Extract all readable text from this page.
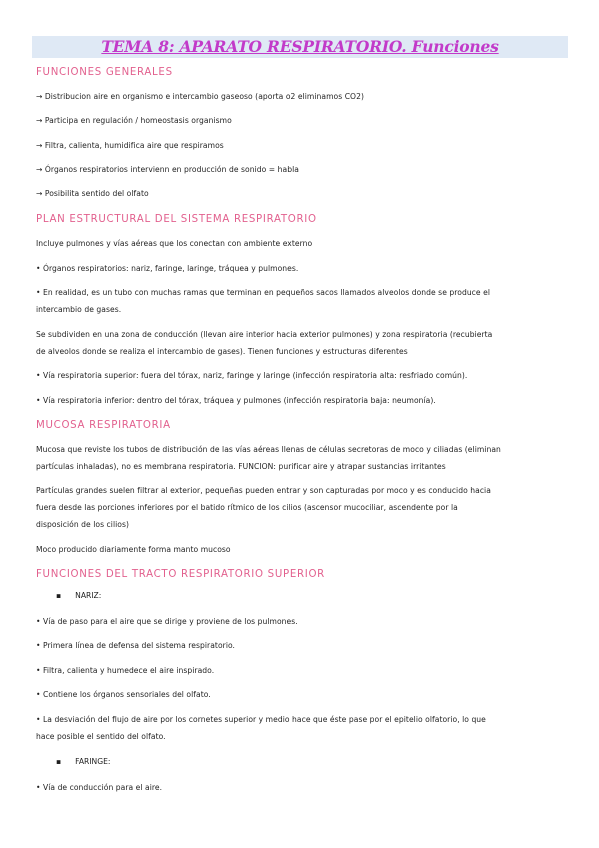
TEMA 8: APARATO RESPIRATORIO. Funciones
FUNCIONES GENERALES
→ Distribucion aire en organismo e intercambio gaseoso (aporta o2 eliminamos CO2)
→ Participa en regulación / homeostasis organismo
→ Filtra, calienta, humidifica aire que respiramos
→ Órganos respiratorios intervienn en producción de sonido = habla
→ Posibilita sentido del olfato
PLAN ESTRUCTURAL DEL SISTEMA RESPIRATORIO
Incluye pulmones y vías aéreas que los conectan con ambiente externo
• Órganos respiratorios: nariz, faringe, laringe, tráquea y pulmones.
• En realidad, es un tubo con muchas ramas que terminan en pequeños sacos llamados alveolos donde se produce el
intercambio de gases.
Se subdividen en una zona de conducción (llevan aire interior hacia exterior pulmones) y zona respiratoria (recubierta
de alveolos donde se realiza el intercambio de gases). Tienen funciones y estructuras diferentes
• Vía respiratoria superior: fuera del tórax, nariz, faringe y laringe (infección respiratoria alta: resfriado común).
• Vía respiratoria inferior: dentro del tórax, tráquea y pulmones (infección respiratoria baja: neumonía).
MUCOSA RESPIRATORIA
Mucosa que reviste los tubos de distribución de las vías aéreas llenas de células secretoras de moco y ciliadas (eliminan
partículas inhaladas), no es membrana respiratoria. FUNCION: purificar aire y atrapar sustancias irritantes
Partículas grandes suelen filtrar al exterior, pequeñas pueden entrar y son capturadas por moco y es conducido hacia
fuera desde las porciones inferiores por el batido rítmico de los cilios (ascensor mucociliar, ascendente por la
disposición de los cilios)
Moco producido diariamente forma manto mucoso
FUNCIONES DEL TRACTO RESPIRATORIO SUPERIOR
▪ NARIZ:
• Vía de paso para el aire que se dirige y proviene de los pulmones.
• Primera línea de defensa del sistema respiratorio.
• Filtra, calienta y humedece el aire inspirado.
• Contiene los órganos sensoriales del olfato.
• La desviación del flujo de aire por los cornetes superior y medio hace que éste pase por el epitelio olfatorio, lo que
hace posible el sentido del olfato.
▪ FARINGE:
• Vía de conducción para el aire.
